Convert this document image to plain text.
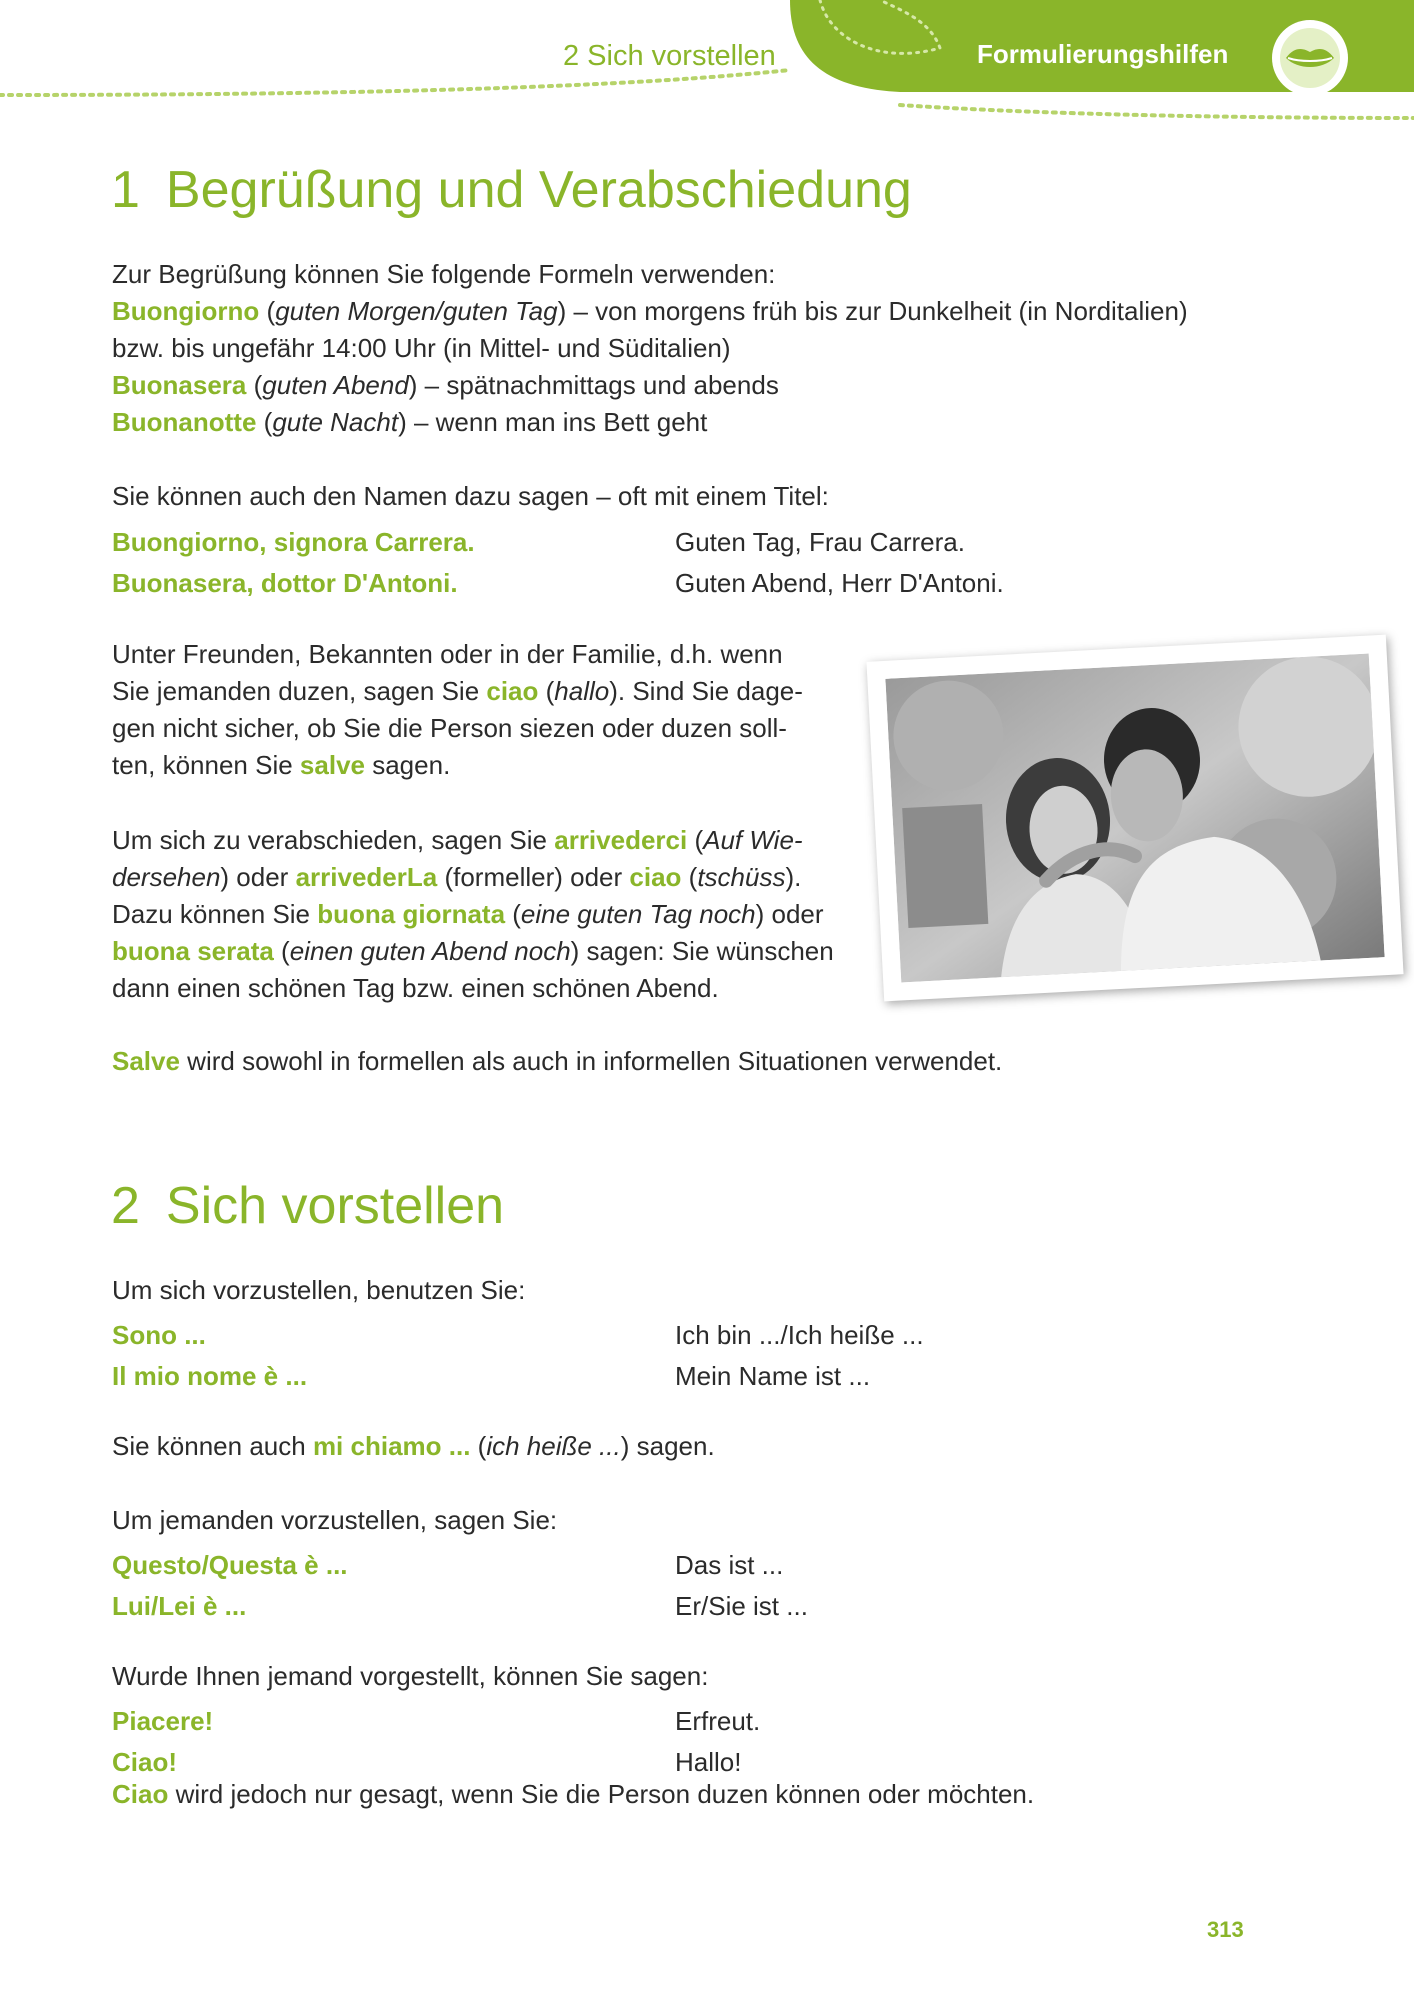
2 Sich vorstellen	Formulierungshilfen
1 Begrüßung und Verabschiedung

Zur Begrüßung können Sie folgende Formeln verwenden:

Buongiorno (guten Morgen/guten Tag) – von morgens früh bis zur Dunkelheit (in Norditalien)

bzw. bis ungefähr 14:00 Uhr (in Mittel- und Süditalien)

Buonasera (guten Abend) – spätnachmittags und abends

Buonanotte (gute Nacht) – wenn man ins Bett geht

Sie können auch den Namen dazu sagen – oft mit einem Titel:

Buongiorno, signora Carrera.	Guten Tag, Frau Carrera.

Buonasera, dottor D'Antoni.	Guten Abend, Herr D'Antoni.

Unter Freunden, Bekannten oder in der Familie, d.h. wenn
Sie jemanden duzen, sagen Sie ciao (hallo). Sind Sie dage-
gen nicht sicher, ob Sie die Person siezen oder duzen soll-
ten, können Sie salve sagen.
Um sich zu verabschieden, sagen Sie arrivederci (Auf Wie-
dersehen) oder arrivederLa (formeller) oder ciao (tschüss).
Dazu können Sie buona giornata (eine guten Tag noch) oder
buona serata (einen guten Abend noch) sagen: Sie wünschen
dann einen schönen Tag bzw. einen schönen Abend.

Salve wird sowohl in formellen als auch in informellen Situationen verwendet.

2 Sich vorstellen

Um sich vorzustellen, benutzen Sie:

Sono ...	Ich bin .../Ich heiße ...

Il mio nome è ...	Mein Name ist ...

Sie können auch mi chiamo ... (ich heiße ...) sagen.

Um jemanden vorzustellen, sagen Sie:

Questo/Questa è ...	Das ist ...

Lui/Lei è ...	Er/Sie ist ...

Wurde Ihnen jemand vorgestellt, können Sie sagen:

Piacere!	Erfreut.

Ciao!	Hallo!

Ciao wird jedoch nur gesagt, wenn Sie die Person duzen können oder möchten.

313
